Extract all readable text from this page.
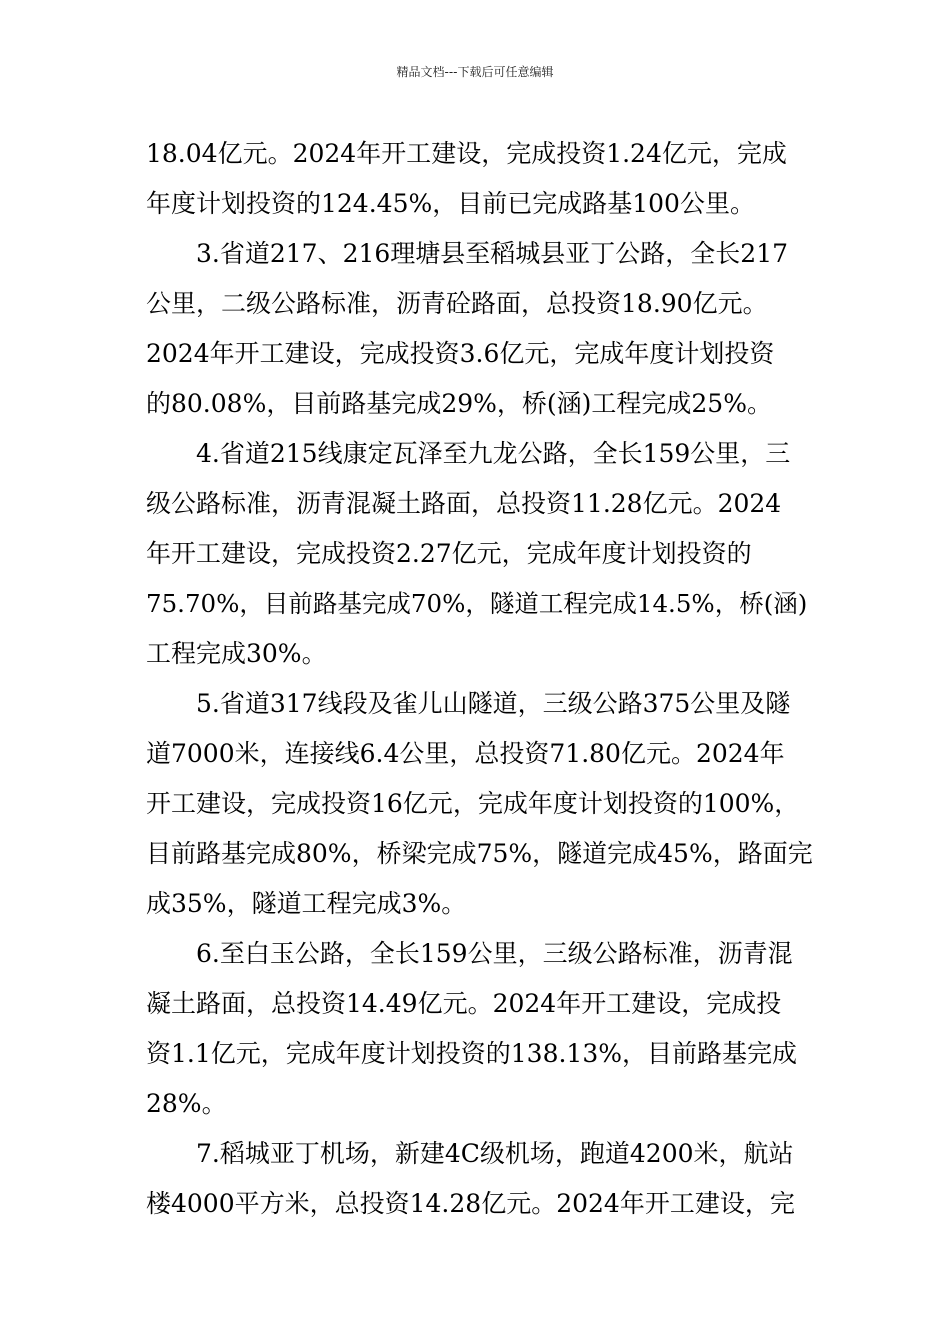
精品文档---下载后可任意编辑
18.04亿元。2024年开工建设，完成投资1.24亿元，完成
年度计划投资的124.45%，目前已完成路基100公里。
3.省道217、216理塘县至稻城县亚丁公路，全长217
公里，二级公路标准，沥青砼路面，总投资18.90亿元。
2024年开工建设，完成投资3.6亿元，完成年度计划投资
的80.08%，目前路基完成29%，桥(涵)工程完成25%。
4.省道215线康定瓦泽至九龙公路，全长159公里，三
级公路标准，沥青混凝土路面，总投资11.28亿元。2024
年开工建设，完成投资2.27亿元，完成年度计划投资的
75.70%，目前路基完成70%，隧道工程完成14.5%，桥(涵)
工程完成30%。
5.省道317线段及雀儿山隧道，三级公路375公里及隧
道7000米，连接线6.4公里，总投资71.80亿元。2024年
开工建设，完成投资16亿元，完成年度计划投资的100%，
目前路基完成80%，桥梁完成75%，隧道完成45%，路面完
成35%，隧道工程完成3%。
6.至白玉公路，全长159公里，三级公路标准，沥青混
凝土路面，总投资14.49亿元。2024年开工建设，完成投
资1.1亿元，完成年度计划投资的138.13%，目前路基完成
28%。
7.稻城亚丁机场，新建4C级机场，跑道4200米，航站
楼4000平方米，总投资14.28亿元。2024年开工建设，完
